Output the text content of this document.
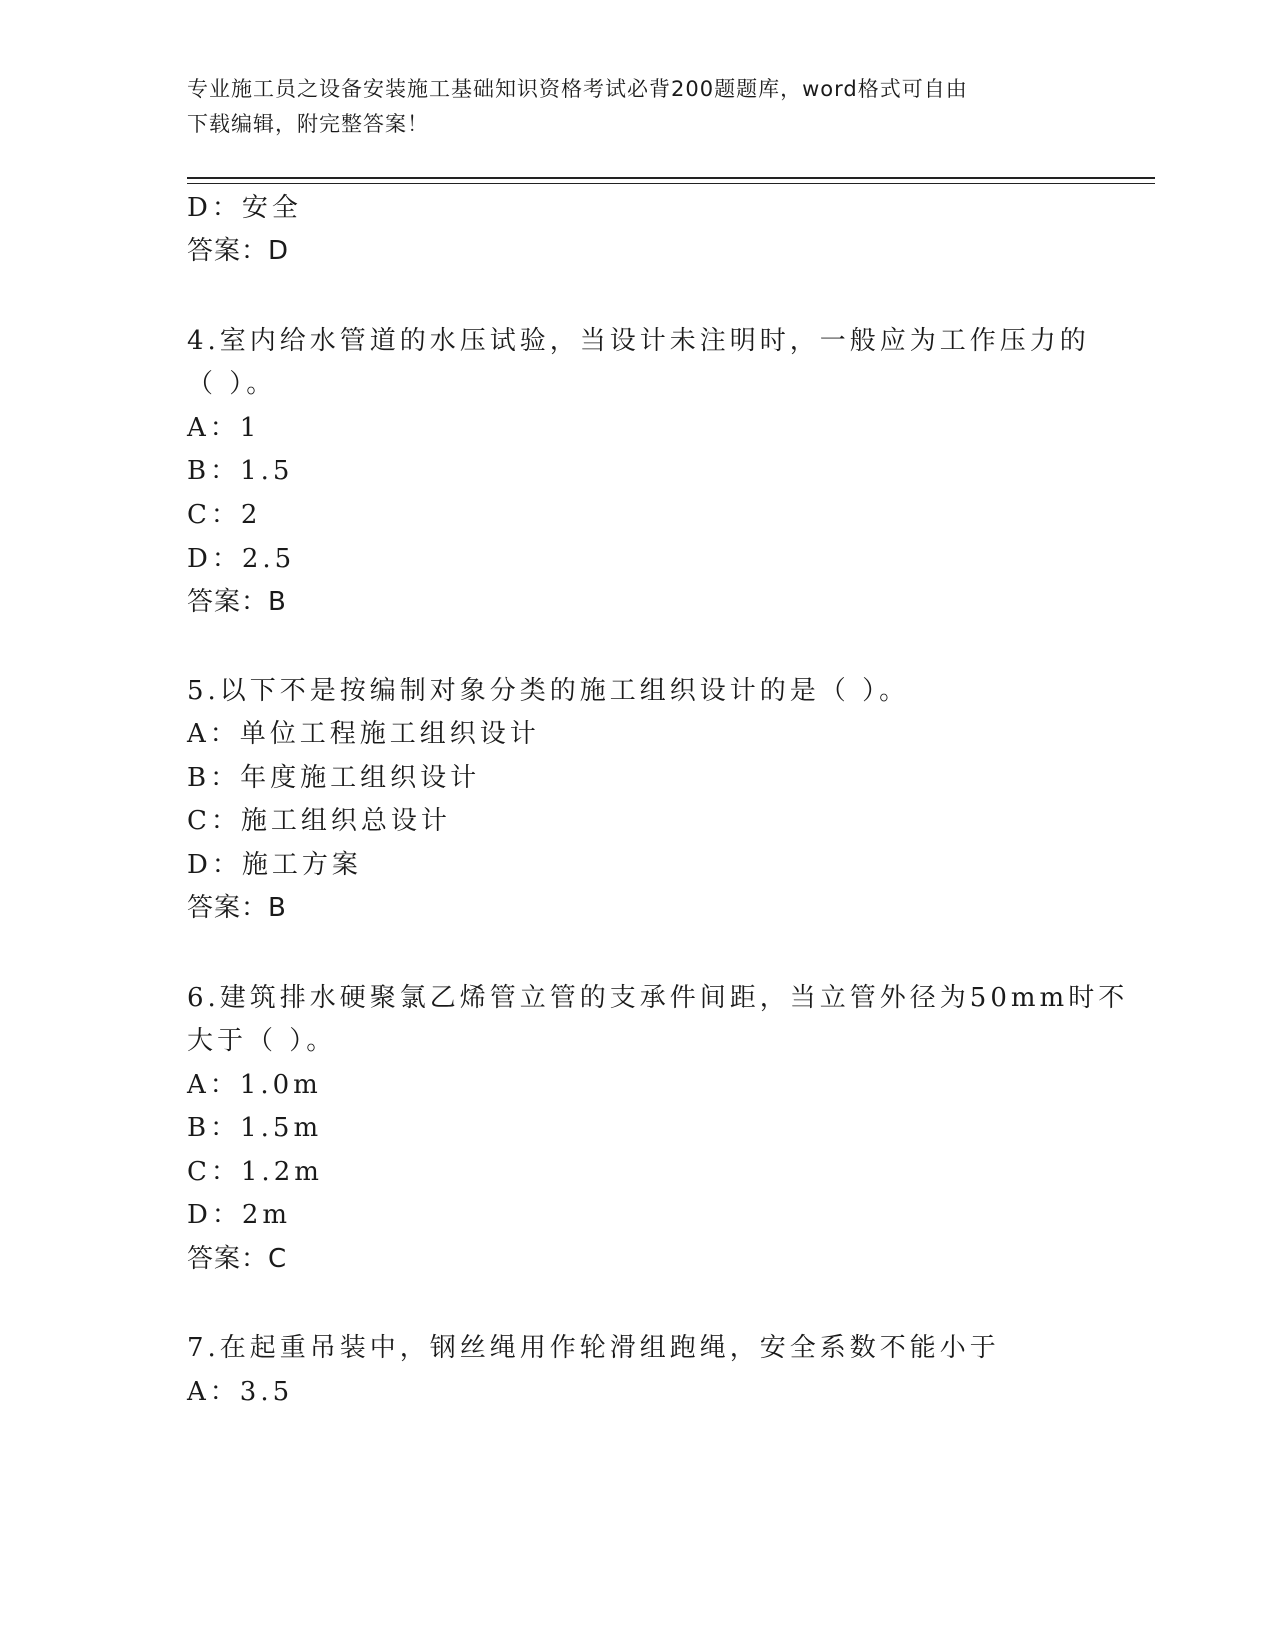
专业施工员之设备安装施工基础知识资格考试必背200题题库，word格式可自由
下载编辑，附完整答案！
D：安全
答案：D
4.室内给水管道的水压试验，当设计未注明时，一般应为工作压力的
（ ）。
A：1
B：1.5
C：2
D：2.5
答案：B
5.以下不是按编制对象分类的施工组织设计的是（ ）。
A：单位工程施工组织设计
B：年度施工组织设计
C：施工组织总设计
D：施工方案
答案：B
6.建筑排水硬聚氯乙烯管立管的支承件间距，当立管外径为50mm时不
大于（ ）。
A：1.0m
B：1.5m
C：1.2m
D：2m
答案：C
7.在起重吊装中，钢丝绳用作轮滑组跑绳，安全系数不能小于
A：3.5
